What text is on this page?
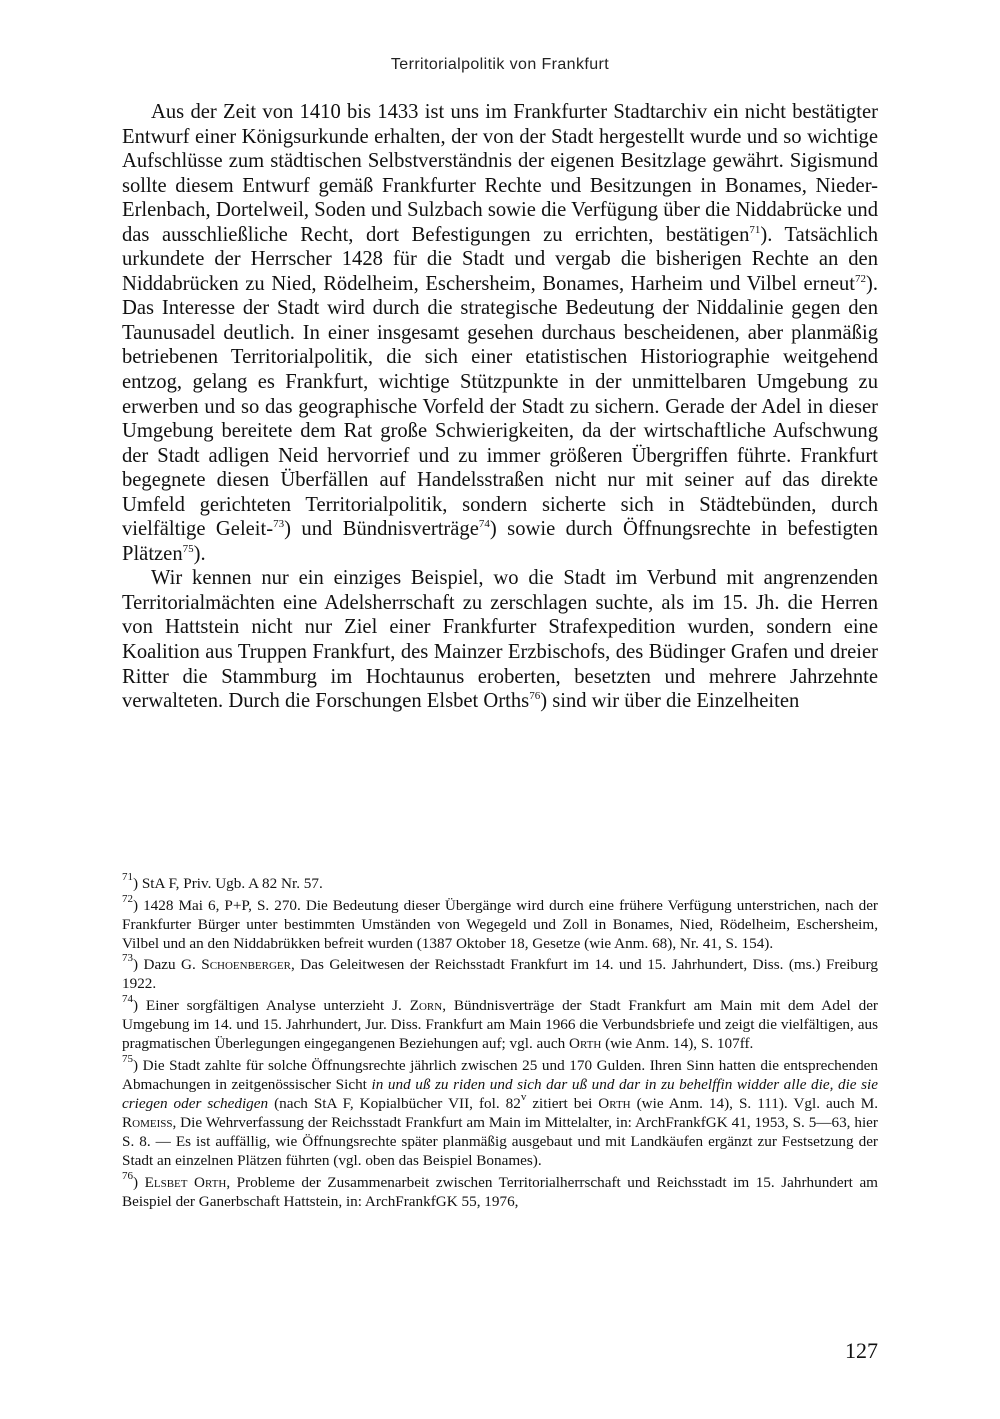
Territorialpolitik von Frankfurt

Aus der Zeit von 1410 bis 1433 ist uns im Frankfurter Stadtarchiv ein nicht bestätigter Entwurf einer Königsurkunde erhalten, der von der Stadt hergestellt wurde und so wichtige Aufschlüsse zum städtischen Selbstverständnis der eigenen Besitzlage gewährt. Sigismund sollte diesem Entwurf gemäß Frankfurter Rechte und Besitzungen in Bonames, Nieder-Erlenbach, Dortelweil, Soden und Sulzbach sowie die Verfügung über die Niddabrücke und das ausschließliche Recht, dort Befestigungen zu errichten, bestätigen$^{71}$). Tatsächlich urkundete der Herrscher 1428 für die Stadt und vergab die bisherigen Rechte an den Niddabrücken zu Nied, Rödelheim, Eschersheim, Bonames, Harheim und Vilbel erneut$^{72}$). Das Interesse der Stadt wird durch die strategische Bedeutung der Niddalinie gegen den Taunusadel deutlich. In einer insgesamt gesehen durchaus bescheidenen, aber planmäßig betriebenen Territorialpolitik, die sich einer etatistischen Historiographie weitgehend entzog, gelang es Frankfurt, wichtige Stützpunkte in der unmittelbaren Umgebung zu erwerben und so das geographische Vorfeld der Stadt zu sichern. Gerade der Adel in dieser Umgebung bereitete dem Rat große Schwierigkeiten, da der wirtschaftliche Aufschwung der Stadt adligen Neid hervorrief und zu immer größeren Übergriffen führte. Frankfurt begegnete diesen Überfällen auf Handelsstraßen nicht nur mit seiner auf das direkte Umfeld gerichteten Territorialpolitik, sondern sicherte sich in Städtebünden, durch vielfältige Geleit-$^{73}$) und Bündnisverträge$^{74}$) sowie durch Öffnungsrechte in befestigten Plätzen$^{75}$).

Wir kennen nur ein einziges Beispiel, wo die Stadt im Verbund mit angrenzenden Territorialmächten eine Adelsherrschaft zu zerschlagen suchte, als im 15. Jh. die Herren von Hattstein nicht nur Ziel einer Frankfurter Strafexpedition wurden, sondern eine Koalition aus Truppen Frankfurt, des Mainzer Erzbischofs, des Büdinger Grafen und dreier Ritter die Stammburg im Hochtaunus eroberten, besetzten und mehrere Jahrzehnte verwalteten. Durch die Forschungen Elsbet Orths$^{76}$) sind wir über die Einzelheiten

$^{71}$) StA F, Priv. Ugb. A 82 Nr. 57.

$^{72}$) 1428 Mai 6, P+P, S. 270. Die Bedeutung dieser Übergänge wird durch eine frühere Verfügung unterstrichen, nach der Frankfurter Bürger unter bestimmten Umständen von Wegegeld und Zoll in Bonames, Nied, Rödelheim, Eschersheim, Vilbel und an den Niddabrükken befreit wurden (1387 Oktober 18, Gesetze (wie Anm. 68), Nr. 41, S. 154).

$^{73}$) Dazu G. Schoenberger, Das Geleitwesen der Reichsstadt Frankfurt im 14. und 15. Jahrhundert, Diss. (ms.) Freiburg 1922.

$^{74}$) Einer sorgfältigen Analyse unterzieht J. Zorn, Bündnisverträge der Stadt Frankfurt am Main mit dem Adel der Umgebung im 14. und 15. Jahrhundert, Jur. Diss. Frankfurt am Main 1966 die Verbundsbriefe und zeigt die vielfältigen, aus pragmatischen Überlegungen eingegangenen Beziehungen auf; vgl. auch Orth (wie Anm. 14), S. 107ff.

$^{75}$) Die Stadt zahlte für solche Öffnungsrechte jährlich zwischen 25 und 170 Gulden. Ihren Sinn hatten die entsprechenden Abmachungen in zeitgenössischer Sicht in und uß zu riden und sich dar uß und dar in zu behelffin widder alle die, die sie criegen oder schedigen (nach StA F, Kopialbücher VII, fol. 82$^v$ zitiert bei Orth (wie Anm. 14), S. 111). Vgl. auch M. Romeiss, Die Wehrverfassung der Reichsstadt Frankfurt am Main im Mittelalter, in: ArchFrankfGK 41, 1953, S. 5—63, hier S. 8. — Es ist auffällig, wie Öffnungsrechte später planmäßig ausgebaut und mit Landkäufen ergänzt zur Festsetzung der Stadt an einzelnen Plätzen führten (vgl. oben das Beispiel Bonames).

$^{76}$) Elsbet Orth, Probleme der Zusammenarbeit zwischen Territorialherrschaft und Reichsstadt im 15. Jahrhundert am Beispiel der Ganerbschaft Hattstein, in: ArchFrankfGK 55, 1976,

127
